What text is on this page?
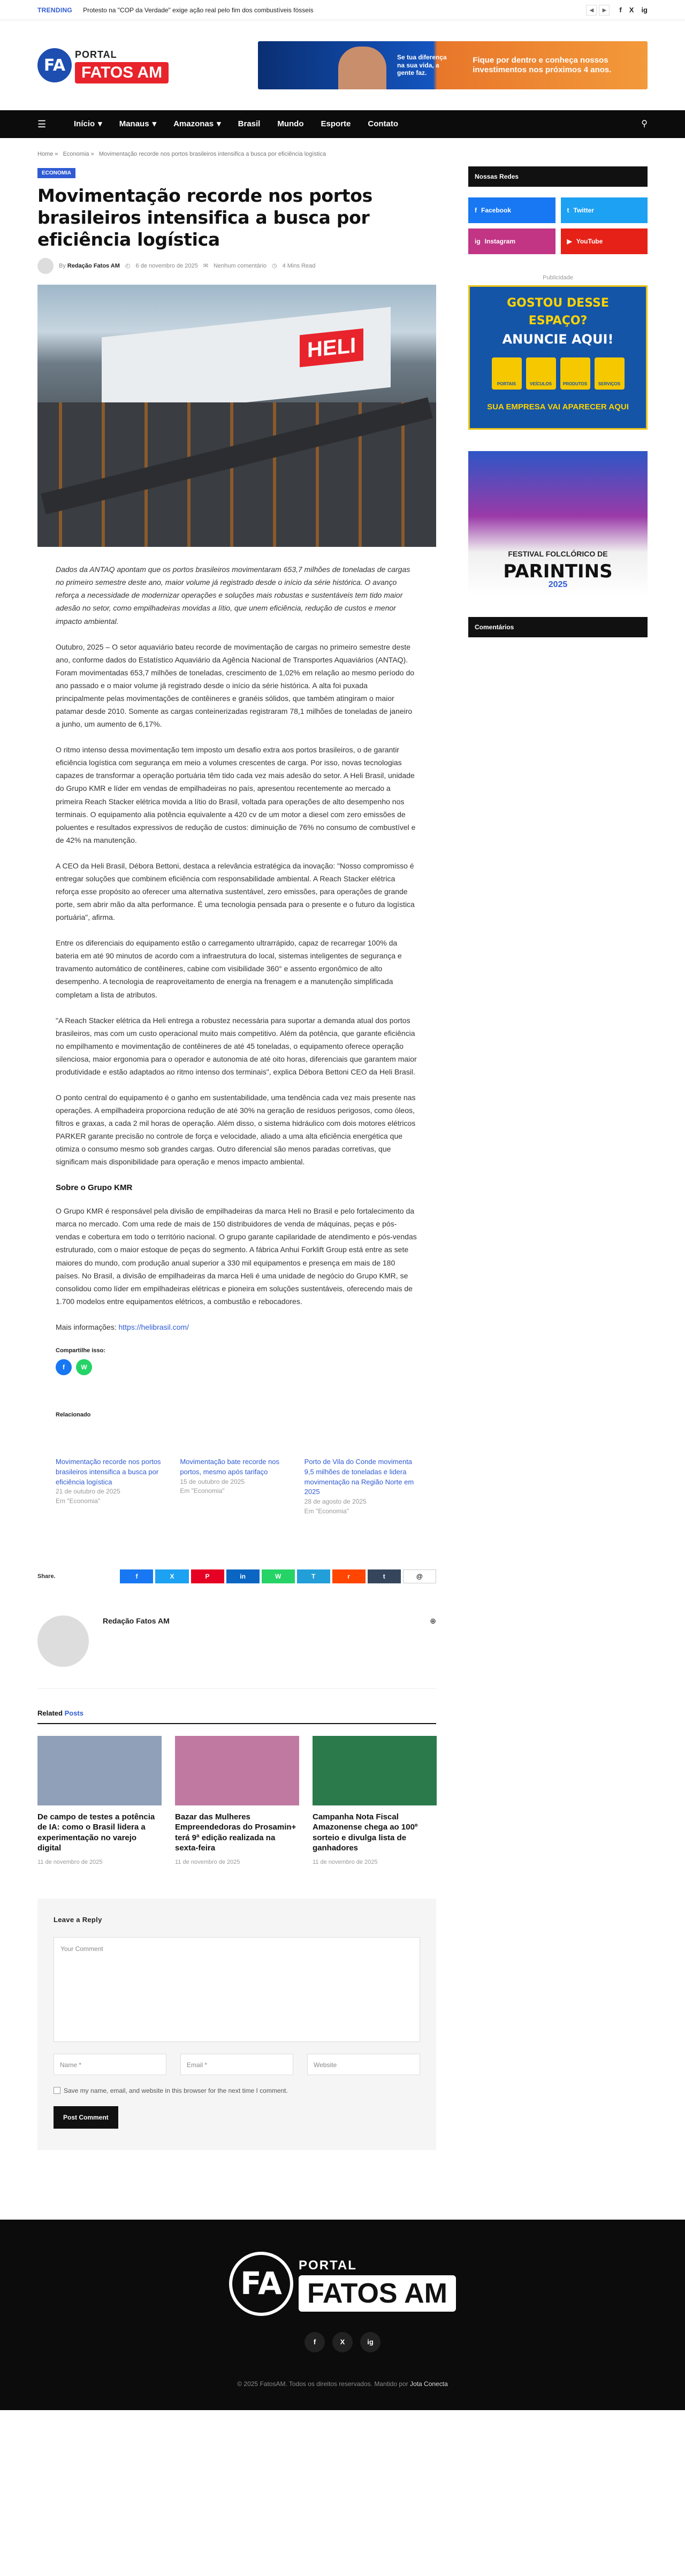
TRENDING Protesto na "COP da Verdade" exige ação real pelo fim dos combustíveis fósseis	◀	▶	f X ig
FA
PORTAL
FATOS AM
Se tua diferença na sua vida, a gente faz.
Fique por dentro e conheça nossos investimentos nos próximos 4 anos.
☰	Início ▾ Manaus ▾ Amazonas ▾ Brasil Mundo Esporte Contato	⚲
Home » Economia » Movimentação recorde nos portos brasileiros intensifica a busca por eficiência logística
ECONOMIA
Movimentação recorde nos portos brasileiros intensifica a busca por eficiência logística
By Redação Fatos AM ◴ 6 de novembro de 2025 ✉ Nenhum comentário ◷ 4 Mins Read
HELI

Dados da ANTAQ apontam que os portos brasileiros movimentaram 653,7 milhões de toneladas de cargas no primeiro semestre deste ano, maior volume já registrado desde o início da série histórica. O avanço reforça a necessidade de modernizar operações e soluções mais robustas e sustentáveis tem tido maior adesão no setor, como empilhadeiras movidas a lítio, que unem eficiência, redução de custos e menor impacto ambiental.

Outubro, 2025 – O setor aquaviário bateu recorde de movimentação de cargas no primeiro semestre deste ano, conforme dados do Estatístico Aquaviário da Agência Nacional de Transportes Aquaviários (ANTAQ). Foram movimentadas 653,7 milhões de toneladas, crescimento de 1,02% em relação ao mesmo período do ano passado e o maior volume já registrado desde o início da série histórica. A alta foi puxada principalmente pelas movimentações de contêineres e granéis sólidos, que também atingiram o maior patamar desde 2010. Somente as cargas conteinerizadas registraram 78,1 milhões de toneladas de janeiro a junho, um aumento de 6,17%.

O ritmo intenso dessa movimentação tem imposto um desafio extra aos portos brasileiros, o de garantir eficiência logística com segurança em meio a volumes crescentes de carga. Por isso, novas tecnologias capazes de transformar a operação portuária têm tido cada vez mais adesão do setor. A Heli Brasil, unidade do Grupo KMR e líder em vendas de empilhadeiras no país, apresentou recentemente ao mercado a primeira Reach Stacker elétrica movida a lítio do Brasil, voltada para operações de alto desempenho nos terminais. O equipamento alia potência equivalente a 420 cv de um motor a diesel com zero emissões de poluentes e resultados expressivos de redução de custos: diminuição de 76% no consumo de combustível e de 42% na manutenção.

A CEO da Heli Brasil, Débora Bettoni, destaca a relevância estratégica da inovação: "Nosso compromisso é entregar soluções que combinem eficiência com responsabilidade ambiental. A Reach Stacker elétrica reforça esse propósito ao oferecer uma alternativa sustentável, zero emissões, para operações de grande porte, sem abrir mão da alta performance. É uma tecnologia pensada para o presente e o futuro da logística portuária", afirma.

Entre os diferenciais do equipamento estão o carregamento ultrarrápido, capaz de recarregar 100% da bateria em até 90 minutos de acordo com a infraestrutura do local, sistemas inteligentes de segurança e travamento automático de contêineres, cabine com visibilidade 360° e assento ergonômico de alto desempenho. A tecnologia de reaproveitamento de energia na frenagem e a manutenção simplificada completam a lista de atributos.

"A Reach Stacker elétrica da Heli entrega a robustez necessária para suportar a demanda atual dos portos brasileiros, mas com um custo operacional muito mais competitivo. Além da potência, que garante eficiência no empilhamento e movimentação de contêineres de até 45 toneladas, o equipamento oferece operação silenciosa, maior ergonomia para o operador e autonomia de até oito horas, diferenciais que garantem maior produtividade e estão adaptados ao ritmo intenso dos terminais", explica Débora Bettoni CEO da Heli Brasil.

O ponto central do equipamento é o ganho em sustentabilidade, uma tendência cada vez mais presente nas operações. A empilhadeira proporciona redução de até 30% na geração de resíduos perigosos, como óleos, filtros e graxas, a cada 2 mil horas de operação. Além disso, o sistema hidráulico com dois motores elétricos PARKER garante precisão no controle de força e velocidade, aliado a uma alta eficiência energética que otimiza o consumo mesmo sob grandes cargas. Outro diferencial são menos paradas corretivas, que significam mais disponibilidade para operação e menos impacto ambiental.

Sobre o Grupo KMR

O Grupo KMR é responsável pela divisão de empilhadeiras da marca Heli no Brasil e pelo fortalecimento da marca no mercado. Com uma rede de mais de 150 distribuidores de venda de máquinas, peças e pós-vendas e cobertura em todo o território nacional. O grupo garante capilaridade de atendimento e pós-vendas estruturado, com o maior estoque de peças do segmento. A fábrica Anhui Forklift Group está entre as sete maiores do mundo, com produção anual superior a 330 mil equipamentos e presença em mais de 180 países. No Brasil, a divisão de empilhadeiras da marca Heli é uma unidade de negócio do Grupo KMR, se consolidou como líder em empilhadeiras elétricas e pioneira em soluções sustentáveis, oferecendo mais de 1.700 modelos entre equipamentos elétricos, a combustão e rebocadores.

Mais informações: https://helibrasil.com/

Compartilhe isso:
f	W
Relacionado
Movimentação recorde nos portos brasileiros intensifica a busca por eficiência logística
21 de outubro de 2025
Em "Economia"
Movimentação bate recorde nos portos, mesmo após tarifaço
15 de outubro de 2025
Em "Economia"
Porto de Vila do Conde movimenta 9,5 milhões de toneladas e lidera movimentação na Região Norte em 2025
28 de agosto de 2025
Em "Economia"
Share.	f	X	P	in	W	T	r	t	@
Redação Fatos AM	⊕
Related Posts
De campo de testes a potência de IA: como o Brasil lidera a experimentação no varejo digital
11 de novembro de 2025
Bazar das Mulheres Empreendedoras do Prosamin+ terá 9ª edição realizada na sexta-feira
11 de novembro de 2025
Campanha Nota Fiscal Amazonense chega ao 100º sorteio e divulga lista de ganhadores
11 de novembro de 2025
Leave a Reply
Your Comment
Name *	Email *	Website
Save my name, email, and website in this browser for the next time I comment.
Post Comment
Nossas Redes
f Facebook	t Twitter
ig Instagram	▶ YouTube
Publicidade
GOSTOU DESSE ESPAÇO?
ANUNCIE AQUI!
PORTAIS	VEÍCULOS	PRODUTOS	SERVIÇOS
SUA EMPRESA VAI APARECER AQUI
FESTIVAL FOLCLÓRICO DE
PARINTINS
2025
Comentários
FA	PORTAL
FATOS AM
f	X	ig
© 2025 FatosAM. Todos os direitos reservados. Mantido por Jota Conecta
